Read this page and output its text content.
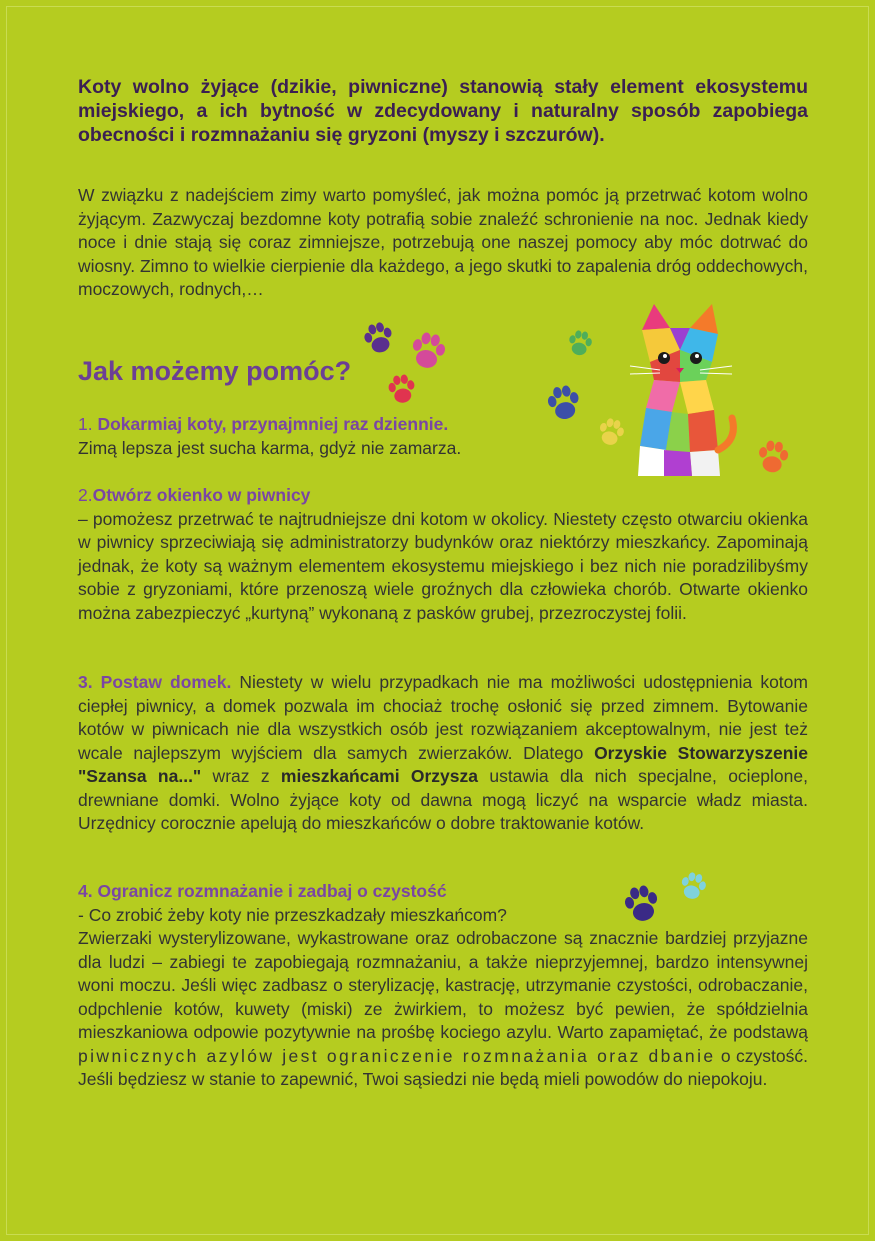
Koty wolno żyjące (dzikie, piwniczne) stanowią stały element ekosystemu miejskiego, a ich bytność w zdecydowany i naturalny sposób zapobiega obecności i rozmnażaniu się gryzoni (myszy i szczurów).

W związku z nadejściem zimy warto pomyśleć, jak można pomóc ją przetrwać kotom wolno żyjącym. Zazwyczaj bezdomne koty potrafią sobie znaleźć schronienie na noc. Jednak kiedy noce i dnie stają się coraz zimniejsze, potrzebują one naszej pomocy aby móc dotrwać do wiosny. Zimno to wielkie cierpienie dla każdego, a jego skutki to zapalenia dróg oddechowych, moczowych, rodnych,…

Jak możemy pomóc?

1. Dokarmiaj koty, przynajmniej raz dziennie.
Zimą lepsza jest sucha karma, gdyż nie zamarza.

2.Otwórz okienko w piwnicy

– pomożesz przetrwać te najtrudniejsze dni kotom w okolicy. Niestety często otwarciu okienka w piwnicy sprzeciwiają się administratorzy budynków oraz niektórzy mieszkańcy. Zapominają jednak, że koty są ważnym elementem ekosystemu miejskiego i bez nich nie poradzilibyśmy sobie z gryzoniami, które przenoszą wiele groźnych dla człowieka chorób. Otwarte okienko można zabezpieczyć „kurtyną” wykonaną z pasków grubej, przezroczystej folii.

3. Postaw domek. Niestety w wielu przypadkach nie ma możliwości udostępnienia kotom ciepłej piwnicy, a domek pozwala im chociaż trochę osłonić się przed zimnem. Bytowanie kotów w piwnicach nie dla wszystkich osób jest rozwiązaniem akceptowalnym, nie jest też wcale najlepszym wyjściem dla samych zwierzaków. Dlatego Orzyskie Stowarzyszenie "Szansa na..." wraz z mieszkańcami Orzysza ustawia dla nich specjalne, ocieplone, drewniane domki. Wolno żyjące koty od dawna mogą liczyć na wsparcie władz miasta. Urzędnicy corocznie apelują do mieszkańców o dobre traktowanie kotów.

4. Ogranicz rozmnażanie i zadbaj o czystość
- Co zrobić żeby koty nie przeszkadzały mieszkańcom?

Zwierzaki wysterylizowane, wykastrowane oraz odrobaczone są znacznie bardziej przyjazne dla ludzi – zabiegi te zapobiegają rozmnażaniu, a także nieprzyjemnej, bardzo intensywnej woni moczu. Jeśli więc zadbasz o sterylizację, kastrację, utrzymanie czystości, odrobaczanie, odpchlenie kotów, kuwety (miski) ze żwirkiem, to możesz być pewien, że spółdzielnia mieszkaniowa odpowie pozytywnie na prośbę kociego azylu. Warto zapamiętać, że podstawą piwnicznych azylów jest ograniczenie rozmnażania oraz dbanie o czystość. Jeśli będziesz w stanie to zapewnić, Twoi sąsiedzi nie będą mieli powodów do niepokoju.
